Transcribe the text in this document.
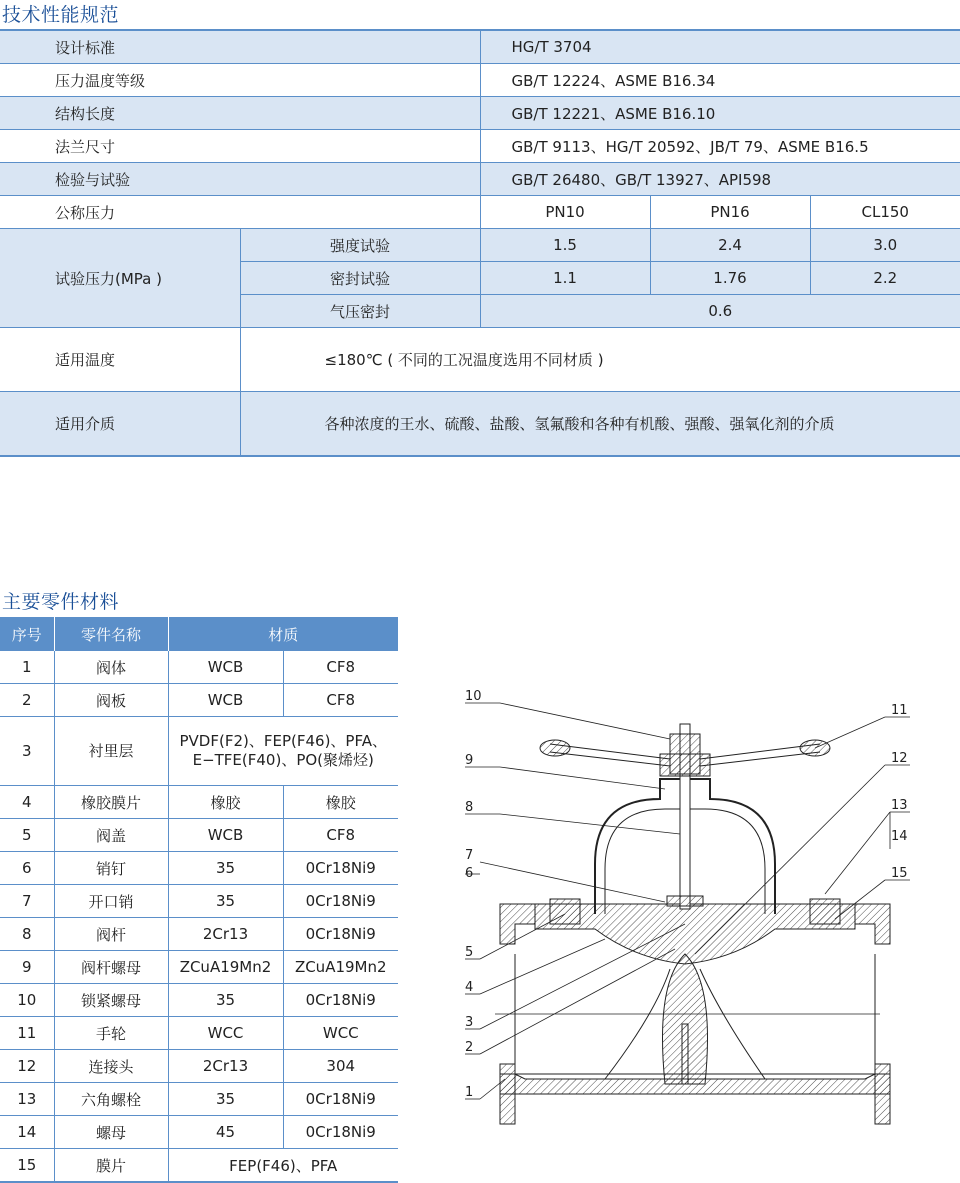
技术性能规范
设计标准		HG/T 3704		
压力温度等级		GB/T 12224、ASME B16.34		
结构长度		GB/T 12221、ASME B16.10		
法兰尺寸		GB/T 9113、HG/T 20592、JB/T 79、ASME B16.5		
检验与试验		GB/T 26480、GB/T 13927、API598		
公称压力		PN10	PN16	CL150
试验压力(MPa )	强度试验	1.5	2.4	3.0
	密封试验	1.1	1.76	2.2
	气压密封	0.6		
适用温度	≤180℃ ( 不同的工况温度选用不同材质 )			
适用介质	各种浓度的王水、硫酸、盐酸、氢氟酸和各种有机酸、强酸、强氧化剂的介质			
主要零件材料
序号	零件名称	材质	
1	阀体	WCB	CF8
2	阀板	WCB	CF8
3	衬里层	PVDF(F2)、FEP(F46)、PFA、
E−TFE(F40)、PO(聚烯烃)	

4	橡胶膜片	橡胶	橡胶
5	阀盖	WCB	CF8
6	销钉	35	0Cr18Ni9
7	开口销	35	0Cr18Ni9
8	阀杆	2Cr13	0Cr18Ni9
9	阀杆螺母	ZCuA19Mn2	ZCuA19Mn2
10	锁紧螺母	35	0Cr18Ni9
11	手轮	WCC	WCC
12	连接头	2Cr13	304
13	六角螺栓	35	0Cr18Ni9
14	螺母	45	0Cr18Ni9
15	膜片	FEP(F46)、PFA	
10
11
9	12
8	13
14
7
6	15
5
4
3
2
1
